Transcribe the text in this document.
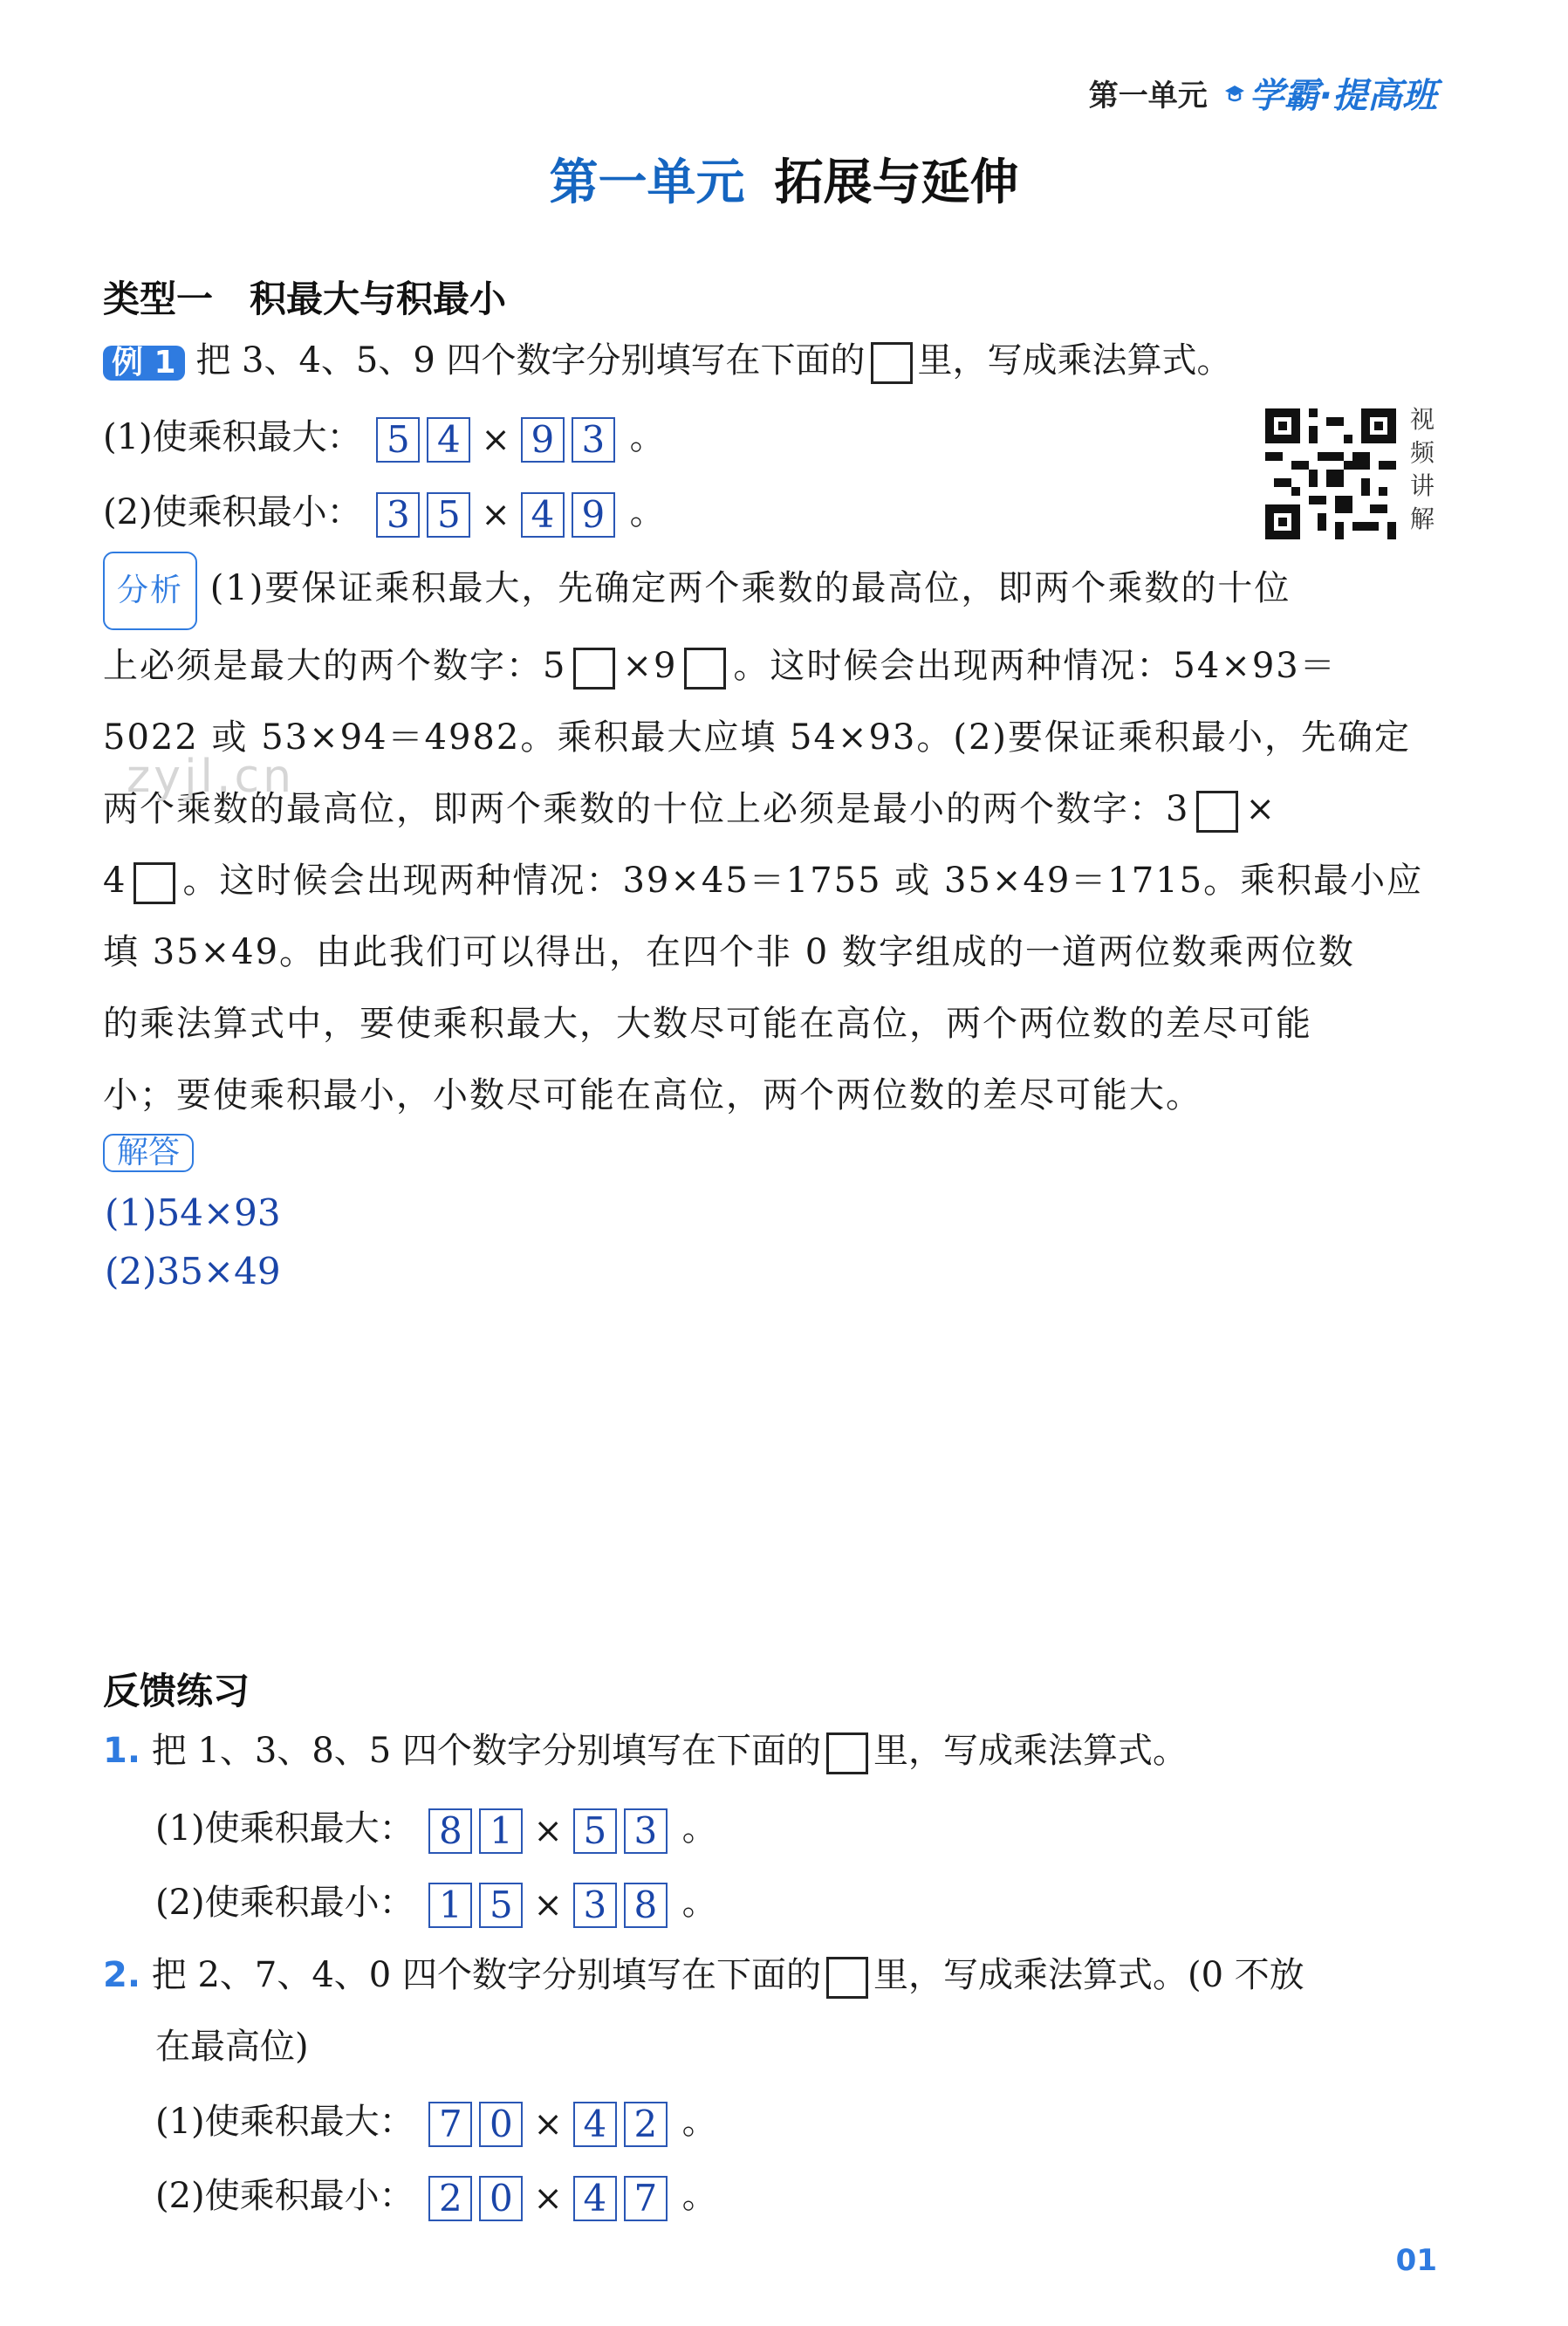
第一单元 学霸·提高班
第一单元 拓展与延伸
类型一　积最大与积最小
例 1 把 3、4、5、9 四个数字分别填写在下面的 里，写成乘法算式。
(1)使乘积最大： 5 4 × 9 3 。
(2)使乘积最小： 3 5 × 4 9 。
视
频
讲
解
分析 (1)要保证乘积最大，先确定两个乘数的最高位，即两个乘数的十位
上必须是最大的两个数字：5 ×9 。这时候会出现两种情况：54×93＝
5022 或 53×94＝4982。乘积最大应填 54×93。(2)要保证乘积最小，先确定
两个乘数的最高位，即两个乘数的十位上必须是最小的两个数字：3 ×
4 。这时候会出现两种情况：39×45＝1755 或 35×49＝1715。乘积最小应
填 35×49。由此我们可以得出，在四个非 0 数字组成的一道两位数乘两位数
的乘法算式中，要使乘积最大，大数尽可能在高位，两个两位数的差尽可能
小；要使乘积最小，小数尽可能在高位，两个两位数的差尽可能大。
zyjl.cn
解答
(1)54×93
(2)35×49
反馈练习
1. 把 1、3、8、5 四个数字分别填写在下面的 里，写成乘法算式。
(1)使乘积最大： 8 1 × 5 3 。
(2)使乘积最小： 1 5 × 3 8 。
2. 把 2、7、4、0 四个数字分别填写在下面的 里，写成乘法算式。(0 不放
在最高位)
(1)使乘积最大： 7 0 × 4 2 。
(2)使乘积最小： 2 0 × 4 7 。
01
